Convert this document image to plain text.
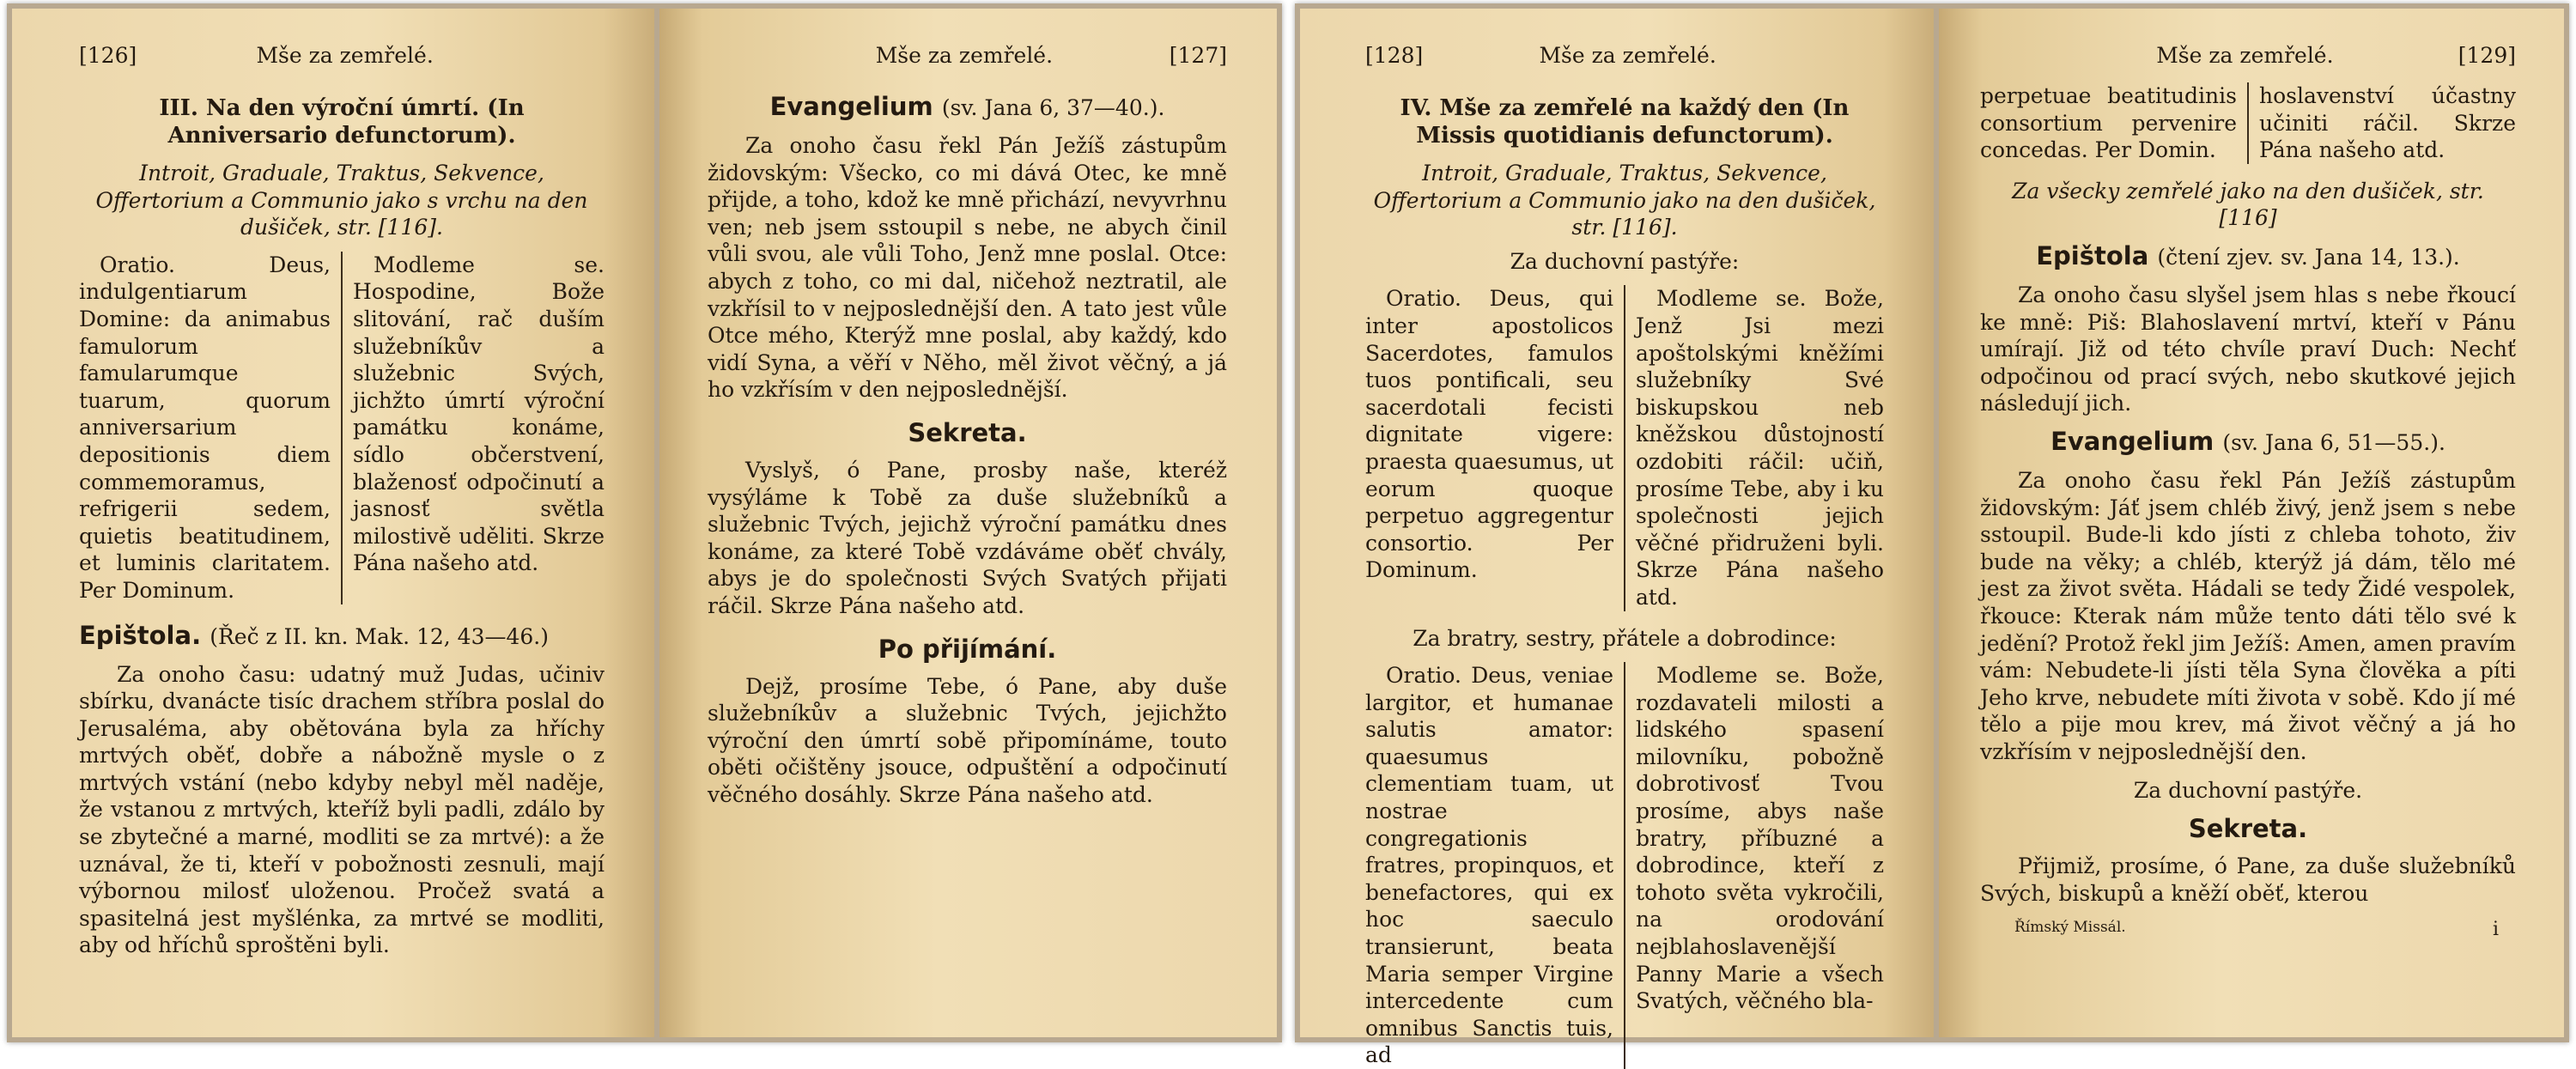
[126]	Mše za zemřelé.
III. Na den výroční úmrtí. (In Anniversario defunctorum).

Introit, Graduale, Traktus, Sekvence, Offertorium a Communio jako s vrchu na den dušiček, str. [116].

Oratio. Deus, indulgentiarum Domine: da animabus famulorum famularumque tuarum, quorum anniversarium depositionis diem commemoramus, refrigerii sedem, quietis beatitudinem, et luminis claritatem. Per Dominum.
Modleme se. Hospodine, Bože slitování, rač duším služebníkův a služebnic Svých, jichžto úmrtí výroční památku konáme, sídlo občerstvení, blaženosť odpočinutí a jasnosť světla milostivě uděliti. Skrze Pána našeho atd.
Epištola. (Řeč z II. kn. Mak. 12, 43—46.)

Za onoho času: udatný muž Judas, učiniv sbírku, dvanácte tisíc drachem stříbra poslal do Jerusaléma, aby obětována byla za hříchy mrtvých oběť, dobře a nábožně mysle o z mrtvých vstání (nebo kdyby nebyl měl naděje, že vstanou z mrtvých, kteříž byli padli, zdálo by se zbytečné a marné, modliti se za mrtvé): a že uznával, že ti, kteří v pobožnosti zesnuli, mají výbornou milosť uloženou. Pročež svatá a spasitelná jest myšlénka, za mrtvé se modliti, aby od hříchů sproštěni byli.

Mše za zemřelé.	[127]
Evangelium (sv. Jana 6, 37—40.).

Za onoho času řekl Pán Ježíš zástupům židovským: Všecko, co mi dává Otec, ke mně přijde, a toho, kdož ke mně přichází, nevyvrhnu ven; neb jsem sstoupil s nebe, ne abych činil vůli svou, ale vůli Toho, Jenž mne poslal. Otce: abych z toho, co mi dal, ničehož neztratil, ale vzkřísil to v nejposlednější den. A tato jest vůle Otce mého, Kterýž mne poslal, aby každý, kdo vidí Syna, a věří v Něho, měl život věčný, a já ho vzkřísím v den nejposlednější.

Sekreta.

Vyslyš, ó Pane, prosby naše, kteréž vysýláme k Tobě za duše služebníků a služebnic Tvých, jejichž výroční památku dnes konáme, za které Tobě vzdáváme oběť chvály, abys je do společnosti Svých Svatých přijati ráčil. Skrze Pána našeho atd.

Po přijímání.

Dejž, prosíme Tebe, ó Pane, aby duše služebníkův a služebnic Tvých, jejichžto výroční den úmrtí sobě připomínáme, touto oběti očištěny jsouce, odpuštění a odpočinutí věčného dosáhly. Skrze Pána našeho atd.

[128]	Mše za zemřelé.
IV. Mše za zemřelé na každý den (In Missis quotidianis defunctorum).

Introit, Graduale, Traktus, Sekvence, Offertorium a Communio jako na den dušiček, str. [116].

Za duchovní pastýře:

Oratio. Deus, qui inter apostolicos Sacerdotes, famulos tuos pontificali, seu sacerdotali fecisti dignitate vigere: praesta quaesumus, ut eorum quoque perpetuo aggregentur consortio. Per Dominum.
Modleme se. Bože, Jenž Jsi mezi apoštolskými kněžími služebníky Své biskupskou neb kněžskou důstojností ozdobiti ráčil: učiň, prosíme Tebe, aby i ku společnosti jejich věčné přidruženi byli. Skrze Pána našeho atd.

Za bratry, sestry, přátele a dobrodince:

Oratio. Deus, veniae largitor, et humanae salutis amator: quaesumus clementiam tuam, ut nostrae congregationis fratres, propinquos, et benefactores, qui ex hoc saeculo transierunt, beata Maria semper Virgine intercedente cum omnibus Sanctis tuis, ad
Modleme se. Bože, rozdavateli milosti a lidského spasení milovníku, pobožně dobrotivosť Tvou prosíme, abys naše bratry, příbuzné a dobrodince, kteří z tohoto světa vykročili, na orodování nejblahoslavenější Panny Marie a všech Svatých, věčného bla-
Mše za zemřelé.	[129]
perpetuae beatitudinis consortium pervenire concedas. Per Domin.
hoslavenství účastny učiniti ráčil. Skrze Pána našeho atd.

Za všecky zemřelé jako na den dušiček, str. [116]

Epištola (čtení zjev. sv. Jana 14, 13.).

Za onoho času slyšel jsem hlas s nebe řkoucí ke mně: Piš: Blahoslavení mrtví, kteří v Pánu umírají. Již od této chvíle praví Duch: Nechť odpočinou od prací svých, nebo skutkové jejich následují jich.

Evangelium (sv. Jana 6, 51—55.).

Za onoho času řekl Pán Ježíš zástupům židovským: Jáť jsem chléb živý, jenž jsem s nebe sstoupil. Bude-li kdo jísti z chleba tohoto, živ bude na věky; a chléb, kterýž já dám, tělo mé jest za život světa. Hádali se tedy Židé vespolek, řkouce: Kterak nám může tento dáti tělo své k jedění? Protož řekl jim Ježíš: Amen, amen pravím vám: Nebudete-li jísti těla Syna člověka a píti Jeho krve, nebudete míti života v sobě. Kdo jí mé tělo a pije mou krev, má život věčný a já ho vzkřísím v nejposlednější den.

Za duchovní pastýře.

Sekreta.

Přijmiž, prosíme, ó Pane, za duše služebníků Svých, biskupů a kněží oběť, kterou

Římský Missál.	i
